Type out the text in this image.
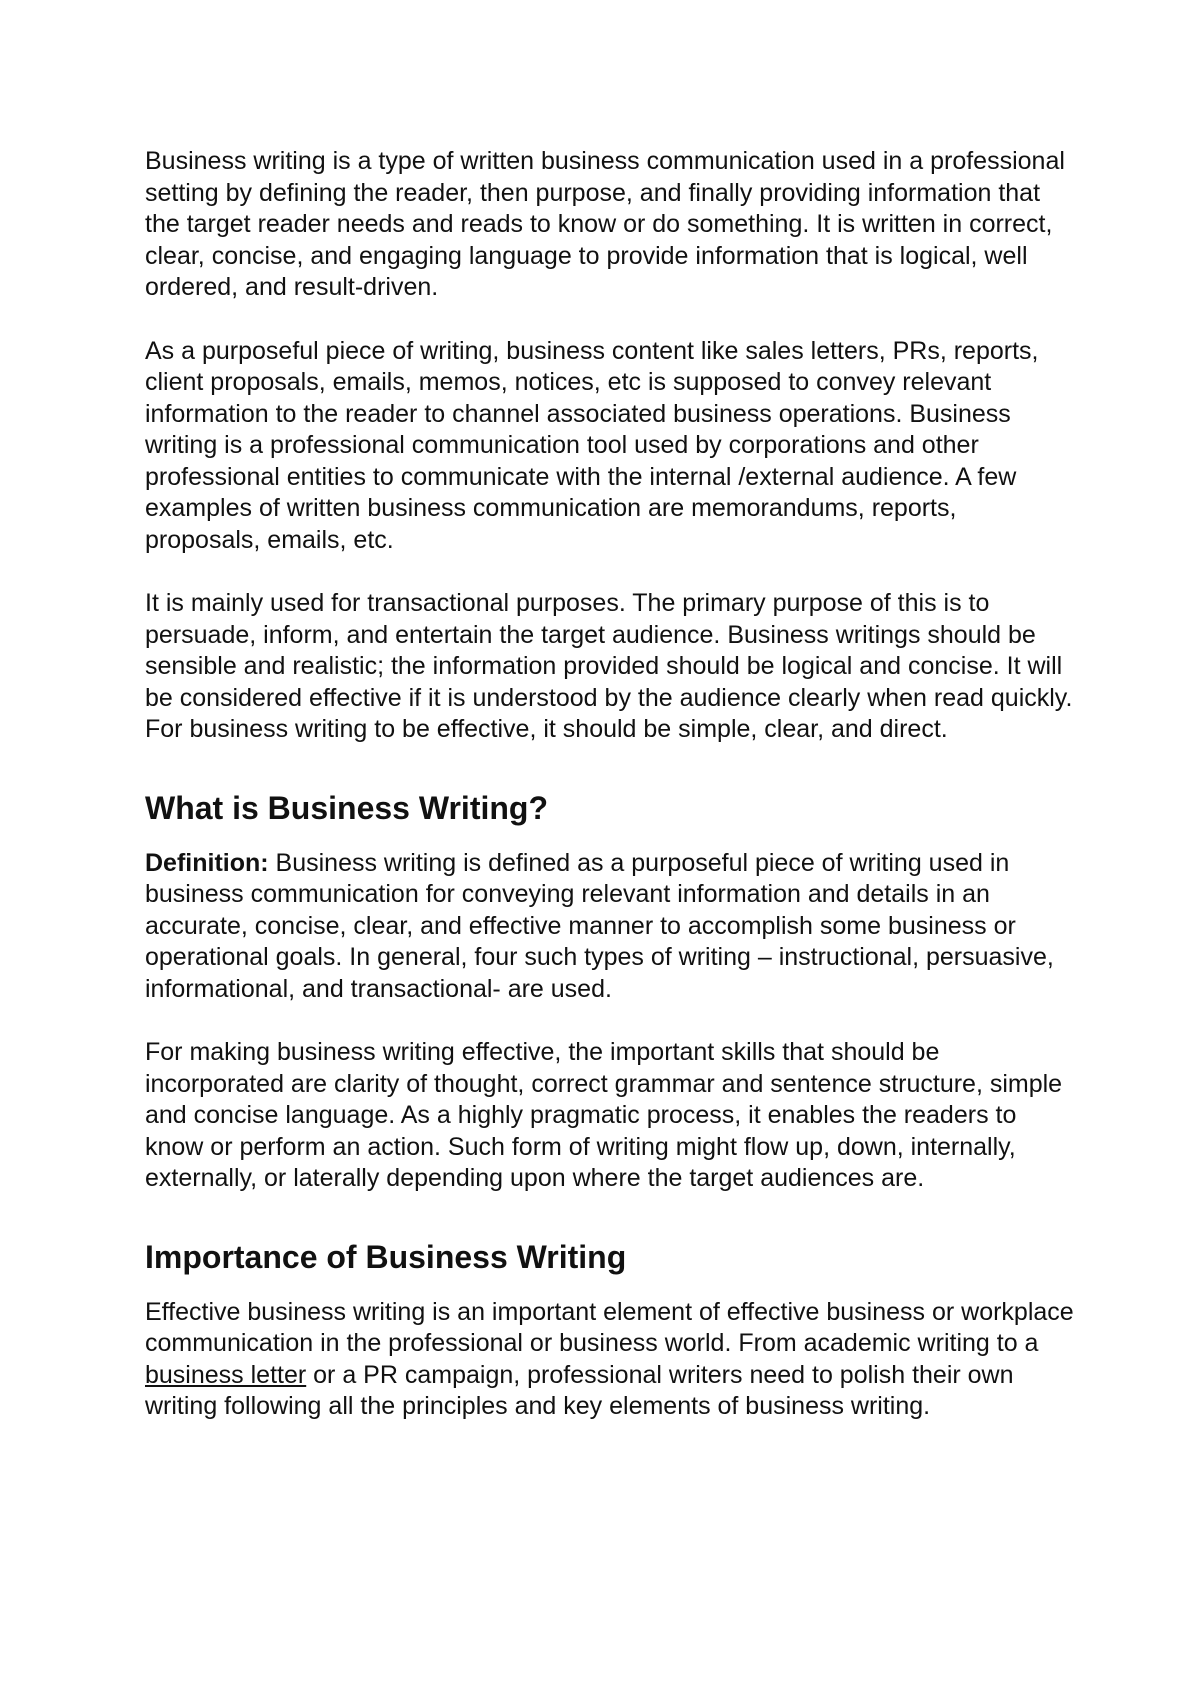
Business writing is a type of written business communication used in a professional setting by defining the reader, then purpose, and finally providing information that the target reader needs and reads to know or do something. It is written in correct, clear, concise, and engaging language to provide information that is logical, well ordered, and result-driven.

As a purposeful piece of writing, business content like sales letters, PRs, reports, client proposals, emails, memos, notices, etc is supposed to convey relevant information to the reader to channel associated business operations. Business writing is a professional communication tool used by corporations and other professional entities to communicate with the internal /external audience. A few examples of written business communication are memorandums, reports, proposals, emails, etc.

It is mainly used for transactional purposes. The primary purpose of this is to persuade, inform, and entertain the target audience. Business writings should be sensible and realistic; the information provided should be logical and concise. It will be considered effective if it is understood by the audience clearly when read quickly. For business writing to be effective, it should be simple, clear, and direct.

What is Business Writing?

Definition: Business writing is defined as a purposeful piece of writing used in business communication for conveying relevant information and details in an accurate, concise, clear, and effective manner to accomplish some business or operational goals. In general, four such types of writing – instructional, persuasive, informational, and transactional- are used.

For making business writing effective, the important skills that should be incorporated are clarity of thought, correct grammar and sentence structure, simple and concise language. As a highly pragmatic process, it enables the readers to know or perform an action. Such form of writing might flow up, down, internally, externally, or laterally depending upon where the target audiences are.

Importance of Business Writing

Effective business writing is an important element of effective business or workplace communication in the professional or business world. From academic writing to a business letter or a PR campaign, professional writers need to polish their own writing following all the principles and key elements of business writing.
